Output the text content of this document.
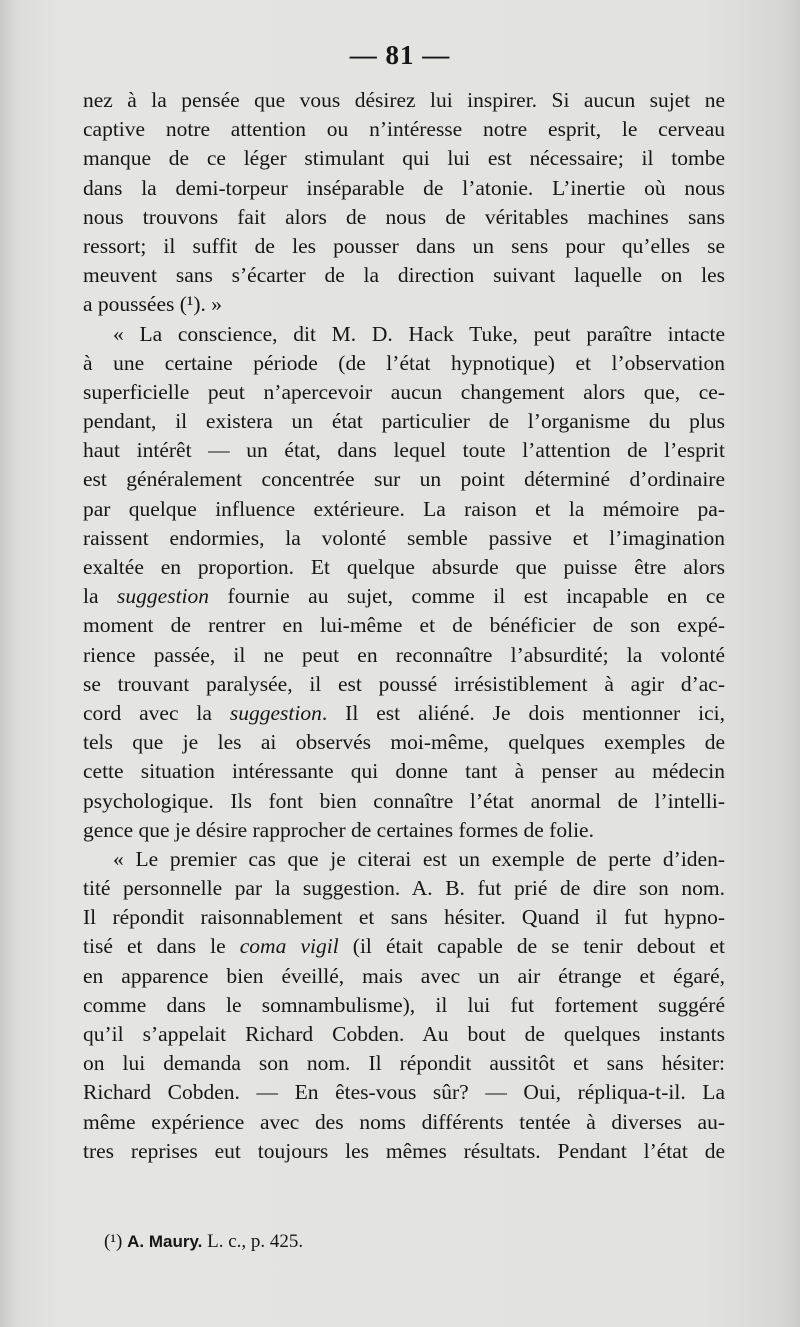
— 81 —
nez à la pensée que vous désirez lui inspirer. Si aucun sujet ne
captive notre attention ou n’intéresse notre esprit, le cerveau
manque de ce léger stimulant qui lui est nécessaire; il tombe
dans la demi-torpeur inséparable de l’atonie. L’inertie où nous
nous trouvons fait alors de nous de véritables machines sans
ressort; il suffit de les pousser dans un sens pour qu’elles se
meuvent sans s’écarter de la direction suivant laquelle on les
a poussées (¹). »
« La conscience, dit M. D. Hack Tuke, peut paraître intacte
à une certaine période (de l’état hypnotique) et l’observation
superficielle peut n’apercevoir aucun changement alors que, ce-
pendant, il existera un état particulier de l’organisme du plus
haut intérêt — un état, dans lequel toute l’attention de l’esprit
est généralement concentrée sur un point déterminé d’ordinaire
par quelque influence extérieure. La raison et la mémoire pa-
raissent endormies, la volonté semble passive et l’imagination
exaltée en proportion. Et quelque absurde que puisse être alors
la suggestion fournie au sujet, comme il est incapable en ce
moment de rentrer en lui-même et de bénéficier de son expé-
rience passée, il ne peut en reconnaître l’absurdité; la volonté
se trouvant paralysée, il est poussé irrésistiblement à agir d’ac-
cord avec la suggestion. Il est aliéné. Je dois mentionner ici,
tels que je les ai observés moi-même, quelques exemples de
cette situation intéressante qui donne tant à penser au médecin
psychologique. Ils font bien connaître l’état anormal de l’intelli-
gence que je désire rapprocher de certaines formes de folie.
« Le premier cas que je citerai est un exemple de perte d’iden-
tité personnelle par la suggestion. A. B. fut prié de dire son nom.
Il répondit raisonnablement et sans hésiter. Quand il fut hypno-
tisé et dans le coma vigil (il était capable de se tenir debout et
en apparence bien éveillé, mais avec un air étrange et égaré,
comme dans le somnambulisme), il lui fut fortement suggéré
qu’il s’appelait Richard Cobden. Au bout de quelques instants
on lui demanda son nom. Il répondit aussitôt et sans hésiter:
Richard Cobden. — En êtes-vous sûr? — Oui, répliqua-t-il. La
même expérience avec des noms différents tentée à diverses au-
tres reprises eut toujours les mêmes résultats. Pendant l’état de
(¹) A. Maury. L. c., p. 425.
